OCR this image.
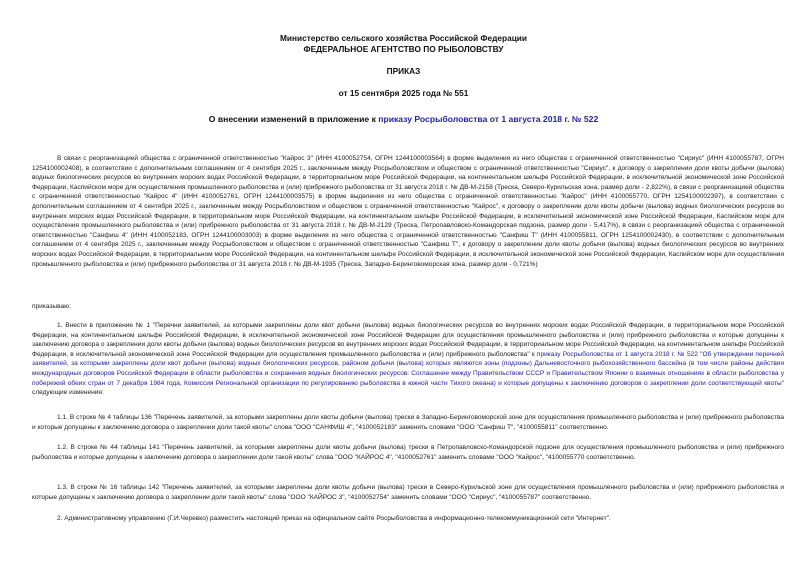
Министерство сельского хозяйства Российской Федерации
ФЕДЕРАЛЬНОЕ АГЕНТСТВО ПО РЫБОЛОВСТВУ
ПРИКАЗ
от 15 сентября 2025 года № 551
О внесении изменений в приложение к приказу Росрыболовства от 1 августа 2018 г. № 522
В связи с реорганизацией общества с ограниченной ответственностью "Кайрос 3" (ИНН 4100052754, ОГРН 1244100003564) в форме выделения из него общества с ограниченной ответственностью "Сириус" (ИНН 4100055787, ОГРН 1254100002408), в соответствии с дополнительным соглашением от 4 сентября 2025 г., заключенным между Росрыболовством и обществом с ограниченной ответственностью "Сириус", к договору о закреплении доли квоты добычи (вылова) водных биологических ресурсов во внутренних морских водах Российской Федерации, в территориальном море Российской Федерации, на континентальном шельфе Российской Федерации, в исключительной экономической зоне Российской Федерации, Каспийском море для осуществления промышленного рыболовства и (или) прибрежного рыболовства от 31 августа 2018 г. № ДВ-М-2158 (Треска, Северо-Курильская зона, размер доли - 2,822%), в связи с реорганизацией общества с ограниченной ответственностью "Кайрос 4" (ИНН 4100052761, ОГРН 1244100003575) в форме выделения из него общества с ограниченной ответственностью "Кайрос" (ИНН 4100055770, ОГРН 1254100002397), в соответствии с дополнительным соглашением от 4 сентября 2025 г., заключенным между Росрыболовством и обществом с ограниченной ответственностью "Кайрос", к договору о закреплении доли квоты добычи (вылова) водных биологических ресурсов во внутренних морских водах Российской Федерации, в территориальном море Российской Федерации, на континентальном шельфе Российской Федерации, в исключительной экономической зоне Российской Федерации, Каспийском море для осуществления промышленного рыболовства и (или) прибрежного рыболовства от 31 августа 2018 г. № ДВ-М-2129 (Треска, Петропавловско-Командорская подзона, размер доли - 5,417%), в связи с реорганизацией общества с ограниченной ответственностью "Санфиш 4" (ИНН 4100052183, ОГРН 1244100003003) в форме выделения из него общества с ограниченной ответственностью "Санфиш Т" (ИНН 4100055811, ОГРН 1254100002430), в соответствии с дополнительным соглашением от 4 сентября 2025 г., заключенным между Росрыболовством и обществом с ограниченной ответственностью "Санфиш Т", к договору о закреплении доли квоты добычи (вылова) водных биологических ресурсов во внутренних морских водах Российской Федерации, в территориальном море Российской Федерации, на континентальном шельфе Российской Федерации, в исключительной экономической зоне Российской Федерации, Каспийском море для осуществления промышленного рыболовства и (или) прибрежного рыболовства от 31 августа 2018 г. № ДВ-М-1935 (Треска, Западно-Беринговоморская зона, размер доли - 0,721%)
приказываю:
1. Внести в приложение № 1 "Перечни заявителей, за которыми закреплены доли квот добычи (вылова) водных биологических ресурсов во внутренних морских водах Российской Федерации, в территориальном море Российской Федерации, на континентальном шельфе Российской Федерации, в исключительной экономической зоне Российской Федерации для осуществления промышленного рыболовства и (или) прибрежного рыболовства и которые допущены к заключению договора о закреплении доли квоты добычи (вылова) водных биологических ресурсов во внутренних морских водах Российской Федерации, в территориальном море Российской Федерации, на континентальном шельфе Российской Федерации, в исключительной экономической зоне Российской Федерации для осуществления промышленного рыболовства и (или) прибрежного рыболовства" к приказу Росрыболовства от 1 августа 2018 г. № 522 "Об утверждении перечней заявителей, за которыми закреплены доли квот добычи (вылова) водных биологических ресурсов, районом добычи (вылова) которых являются зоны (подзоны) Дальневосточного рыбохозяйственного бассейна (в том числе районы действия международных договоров Российской Федерации в области рыболовства и сохранения водных биологических ресурсов: Соглашение между Правительством СССР и Правительством Японии о взаимных отношениях в области рыболовства у побережий обеих стран от 7 декабря 1984 года, Комиссия Региональной организации по регулированию рыболовства в южной части Тихого океана) и которые допущены к заключению договоров о закреплении доли соответствующей квоты" следующие изменения:
1.1. В строке № 4 таблицы 136 "Перечень заявителей, за которыми закреплены доли квоты добычи (вылова) трески в Западно-Беринговоморской зоне для осуществления промышленного рыболовства и (или) прибрежного рыболовства и которые допущены к заключению договора о закреплении доли такой квоты" слова "ООО "САНФИШ 4", "4100052183" заменить словами "ООО "Санфиш Т", "4100055811" соответственно.
1.2. В строке № 44 таблицы 141 "Перечень заявителей, за которыми закреплены доли квоты добычи (вылова) трески в Петропавловско-Командорской подзоне для осуществления промышленного рыболовства и (или) прибрежного рыболовства и которые допущены к заключению договора о закреплении доли такой квоты" слова "ООО "КАЙРОС 4", "4100052761" заменить словами "ООО "Кайрос", "4100055770 соответственно.
1.3. В строке № 16 таблицы 142 "Перечень заявителей, за которыми закреплены доли квоты добычи (вылова) трески в Северо-Курильской зоне для осуществления промышленного рыболовства и (или) прибрежного рыболовства и которые допущены к заключению договора о закреплении доли такой квоты" слова "ООО "КАЙРОС 3", "4100052754" заменить словами "ООО "Сириус", "4100055787" соответственно.
2. Административному управлению (Г.И.Черевко) разместить настоящий приказ на официальном сайте Росрыболовства в информационно-телекоммуникационной сети "Интернет".
